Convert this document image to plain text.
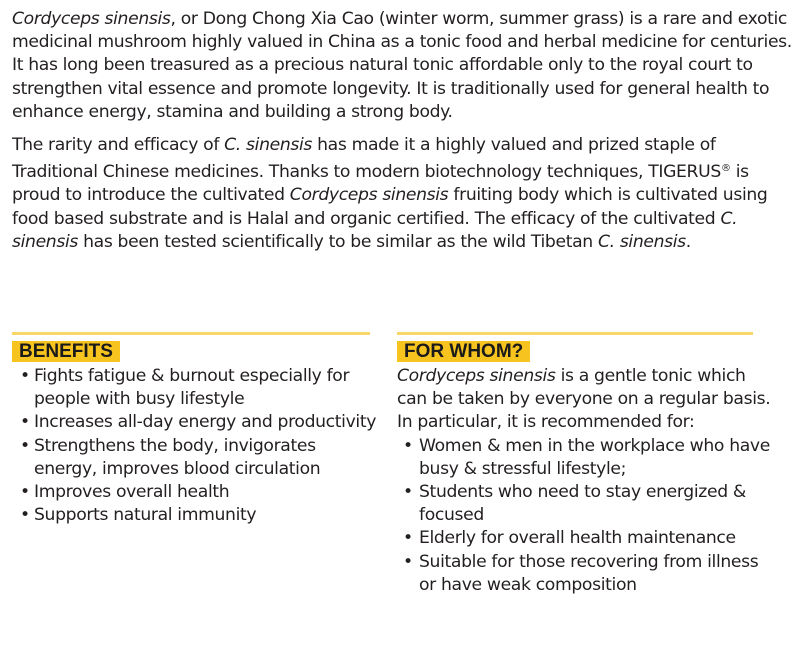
Cordyceps sinensis, or Dong Chong Xia Cao (winter worm, summer grass) is a rare and exotic medicinal mushroom highly valued in China as a tonic food and herbal medicine for centuries. It has long been treasured as a precious natural tonic affordable only to the royal court to strengthen vital essence and promote longevity. It is traditionally used for general health to enhance energy, stamina and building a strong body.

The rarity and efficacy of C. sinensis has made it a highly valued and prized staple of Traditional Chinese medicines. Thanks to modern biotechnology techniques, TIGERUS® is proud to introduce the cultivated Cordyceps sinensis fruiting body which is cultivated using food based substrate and is Halal and organic certified. The efficacy of the cultivated C. sinensis has been tested scientifically to be similar as the wild Tibetan C. sinensis.

BENEFITS
• Fights fatigue & burnout especially for people with busy lifestyle
• Increases all-day energy and productivity
• Strengthens the body, invigorates energy, improves blood circulation
• Improves overall health
• Supports natural immunity
FOR WHOM?

Cordyceps sinensis is a gentle tonic which can be taken by everyone on a regular basis. In particular, it is recommended for:

• Women & men in the workplace who have busy & stressful lifestyle;
• Students who need to stay energized & focused
• Elderly for overall health maintenance
• Suitable for those recovering from illness or have weak composition
